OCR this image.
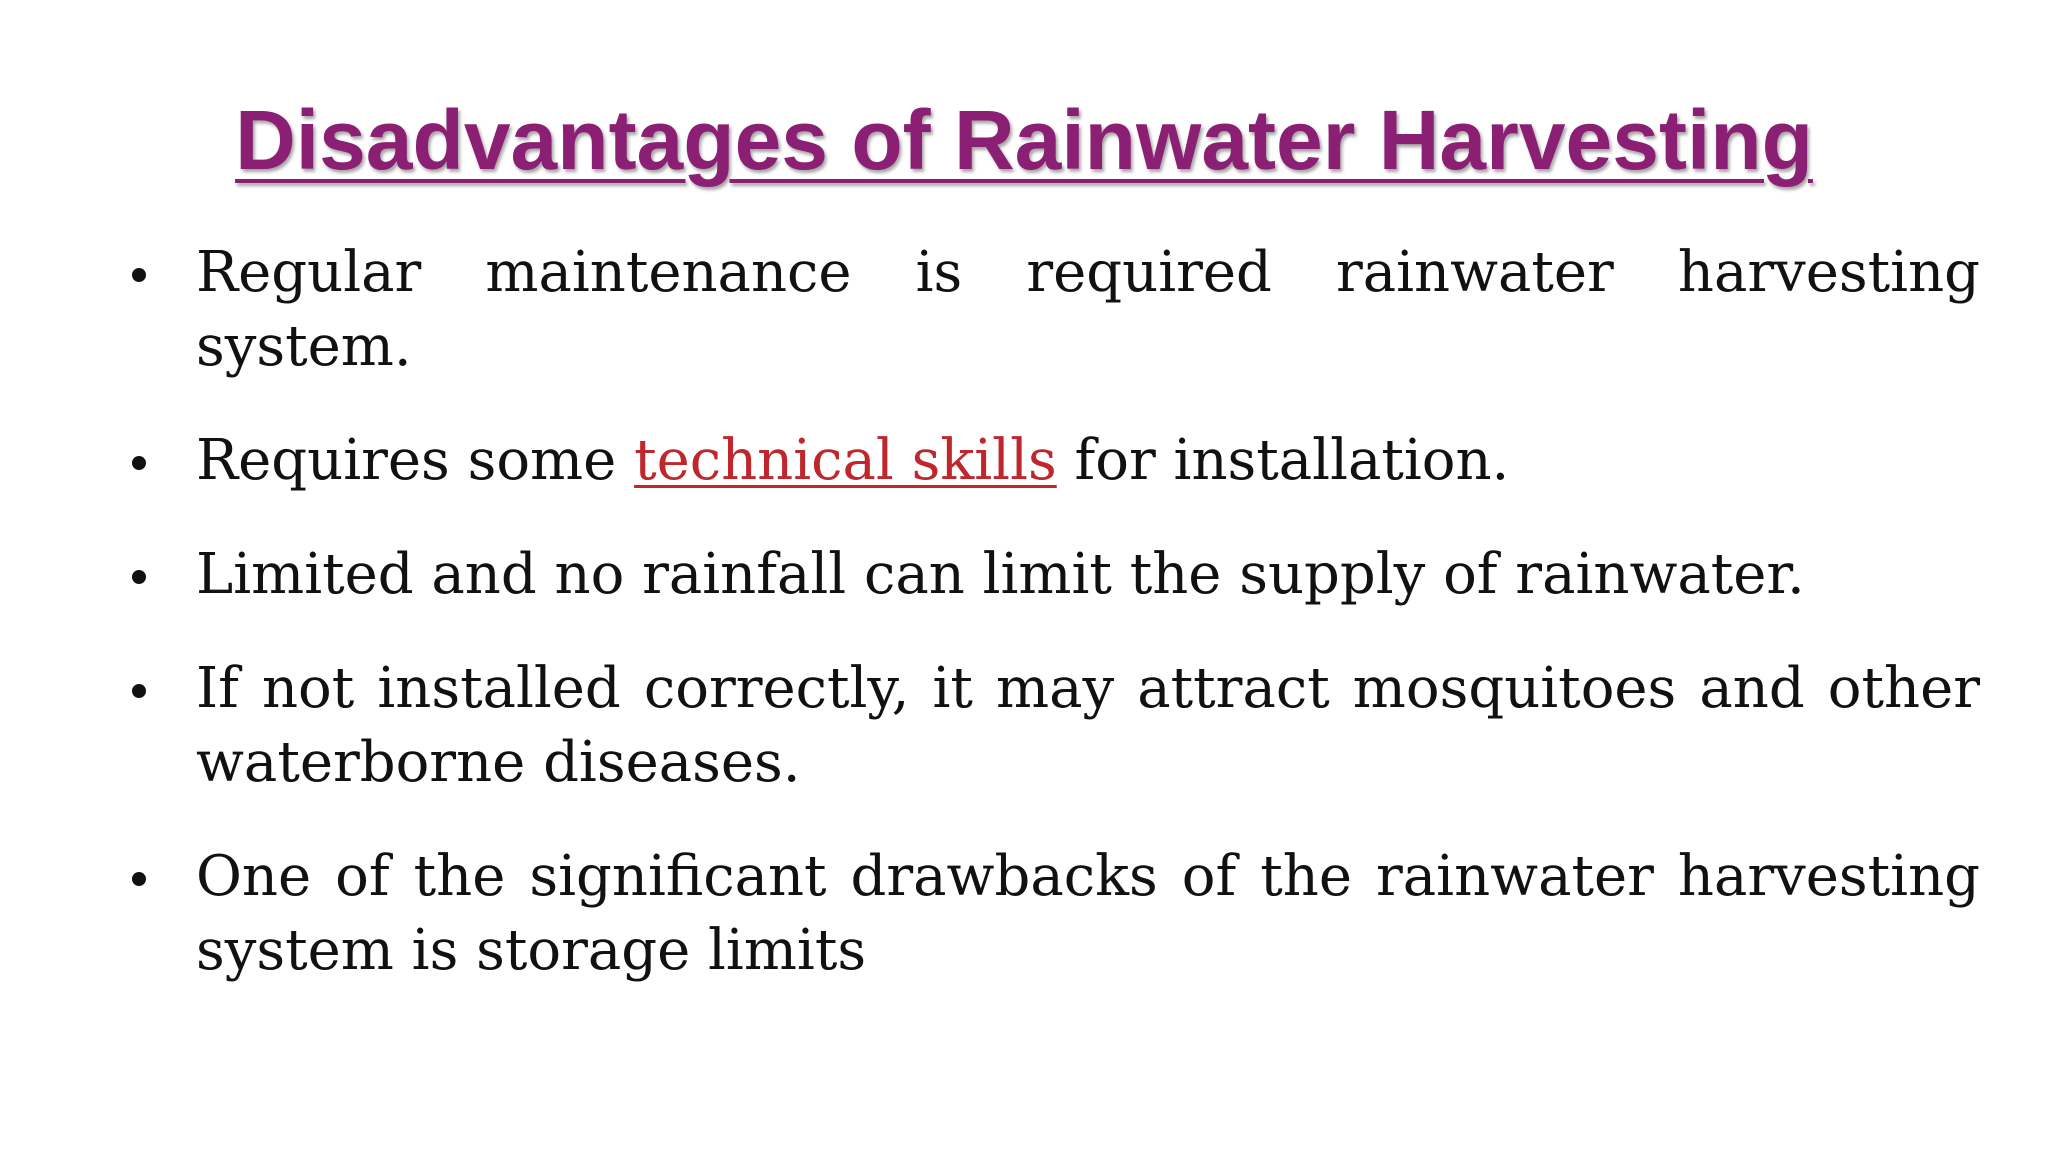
Disadvantages of Rainwater Harvesting
Regular maintenance is required rainwater harvesting system.
Requires some technical skills for installation.
Limited and no rainfall can limit the supply of rainwater.
If not installed correctly, it may attract mosquitoes and other waterborne diseases.
One of the significant drawbacks of the rainwater harvesting system is storage limits
